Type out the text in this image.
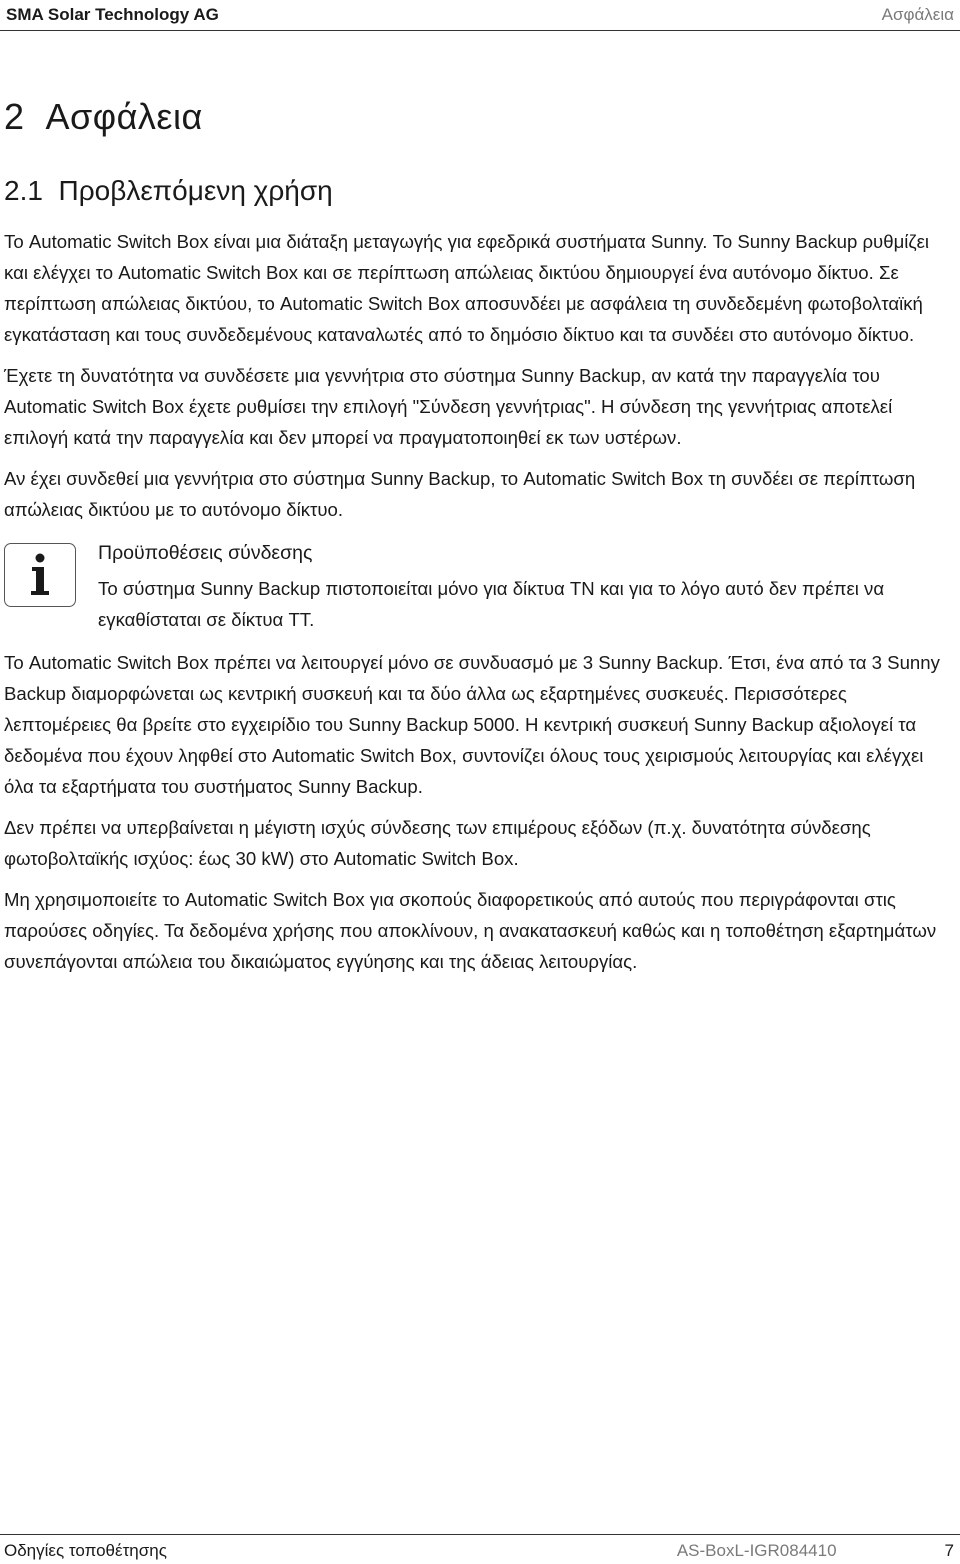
SMA Solar Technology AG	Ασφάλεια
2 Ασφάλεια
2.1 Προβλεπόμενη χρήση

Το Automatic Switch Box είναι μια διάταξη μεταγωγής για εφεδρικά συστήματα Sunny. Το Sunny Backup ρυθμίζει και ελέγχει το Automatic Switch Box και σε περίπτωση απώλειας δικτύου δημιουργεί ένα αυτόνομο δίκτυο. Σε περίπτωση απώλειας δικτύου, το Automatic Switch Box αποσυνδέει με ασφάλεια τη συνδεδεμένη φωτοβολταϊκή εγκατάσταση και τους συνδεδεμένους καταναλωτές από το δημόσιο δίκτυο και τα συνδέει στο αυτόνομο δίκτυο.

Έχετε τη δυνατότητα να συνδέσετε μια γεννήτρια στο σύστημα Sunny Backup, αν κατά την παραγγελία του Automatic Switch Box έχετε ρυθμίσει την επιλογή "Σύνδεση γεννήτριας". Η σύνδεση της γεννήτριας αποτελεί επιλογή κατά την παραγγελία και δεν μπορεί να πραγματοποιηθεί εκ των υστέρων.

Αν έχει συνδεθεί μια γεννήτρια στο σύστημα Sunny Backup, το Automatic Switch Box τη συνδέει σε περίπτωση απώλειας δικτύου με το αυτόνομο δίκτυο.

Προϋποθέσεις σύνδεσης
Το σύστημα Sunny Backup πιστοποιείται μόνο για δίκτυα TN και για το λόγο αυτό δεν πρέπει να εγκαθίσταται σε δίκτυα TT.

Το Automatic Switch Box πρέπει να λειτουργεί μόνο σε συνδυασμό με 3 Sunny Backup. Έτσι, ένα από τα 3 Sunny Backup διαμορφώνεται ως κεντρική συσκευή και τα δύο άλλα ως εξαρτημένες συσκευές. Περισσότερες λεπτομέρειες θα βρείτε στο εγχειρίδιο του Sunny Backup 5000. Η κεντρική συσκευή Sunny Backup αξιολογεί τα δεδομένα που έχουν ληφθεί στο Automatic Switch Box, συντονίζει όλους τους χειρισμούς λειτουργίας και ελέγχει όλα τα εξαρτήματα του συστήματος Sunny Backup.

Δεν πρέπει να υπερβαίνεται η μέγιστη ισχύς σύνδεσης των επιμέρους εξόδων (π.χ. δυνατότητα σύνδεσης φωτοβολταϊκής ισχύος: έως 30 kW) στο Automatic Switch Box.

Μη χρησιμοποιείτε το Automatic Switch Box για σκοπούς διαφορετικούς από αυτούς που περιγράφονται στις παρούσες οδηγίες. Τα δεδομένα χρήσης που αποκλίνουν, η ανακατασκευή καθώς και η τοποθέτηση εξαρτημάτων συνεπάγονται απώλεια του δικαιώματος εγγύησης και της άδειας λειτουργίας.

Οδηγίες τοποθέτησης	AS-BoxL-IGR084410	7
